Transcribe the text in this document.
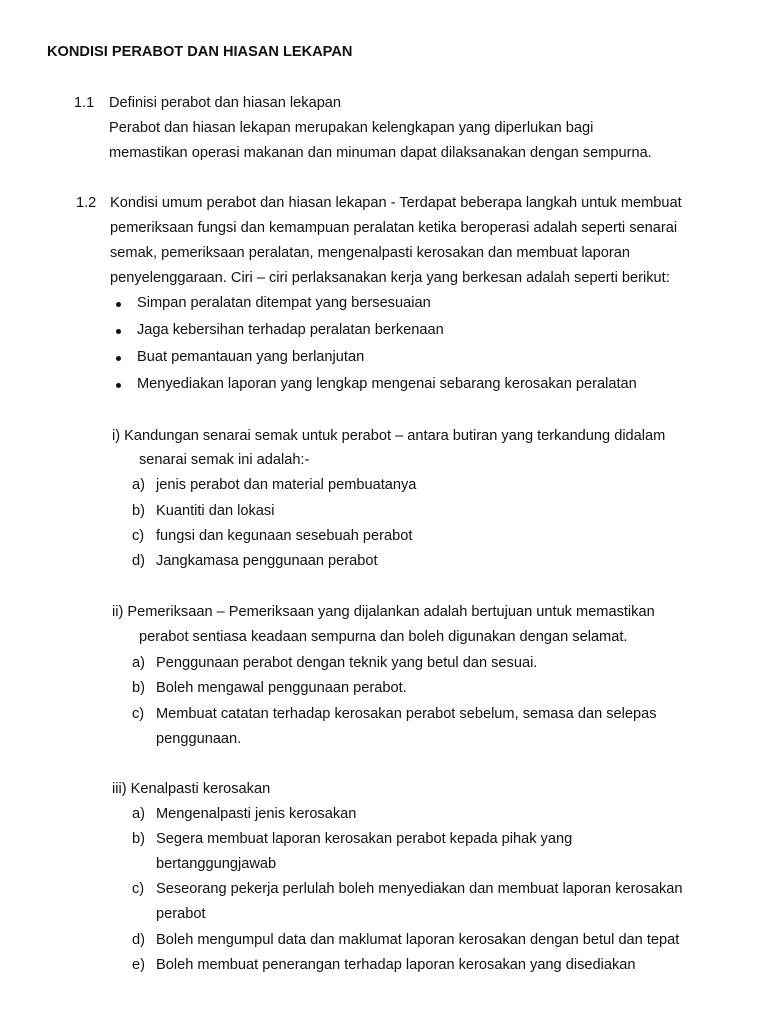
KONDISI PERABOT DAN HIASAN LEKAPAN
1.1 Definisi perabot dan hiasan lekapan
Perabot dan hiasan lekapan merupakan kelengkapan yang diperlukan bagi
memastikan operasi makanan dan minuman dapat dilaksanakan dengan sempurna.
1.2 Kondisi umum perabot dan hiasan lekapan - Terdapat beberapa langkah untuk membuat
pemeriksaan fungsi dan kemampuan peralatan ketika beroperasi adalah seperti senarai
semak, pemeriksaan peralatan, mengenalpasti kerosakan dan membuat laporan
penyelenggaraan. Ciri – ciri perlaksanakan kerja yang berkesan adalah seperti berikut:
Simpan peralatan ditempat yang bersesuaian
Jaga kebersihan terhadap peralatan berkenaan
Buat pemantauan yang berlanjutan
Menyediakan laporan yang lengkap mengenai sebarang kerosakan peralatan
i) Kandungan senarai semak untuk perabot – antara butiran yang terkandung didalam
senarai semak ini adalah:-
a) jenis perabot dan material pembuatanya
b) Kuantiti dan lokasi
c) fungsi dan kegunaan sesebuah perabot
d) Jangkamasa penggunaan perabot
ii) Pemeriksaan – Pemeriksaan yang dijalankan adalah bertujuan untuk memastikan
perabot sentiasa keadaan sempurna dan boleh digunakan dengan selamat.
a) Penggunaan perabot dengan teknik yang betul dan sesuai.
b) Boleh mengawal penggunaan perabot.
c) Membuat catatan terhadap kerosakan perabot sebelum, semasa dan selepas
penggunaan.
iii) Kenalpasti kerosakan
a) Mengenalpasti jenis kerosakan
b) Segera membuat laporan kerosakan perabot kepada pihak yang
bertanggungjawab
c) Seseorang pekerja perlulah boleh menyediakan dan membuat laporan kerosakan
perabot
d) Boleh mengumpul data dan maklumat laporan kerosakan dengan betul dan tepat
e) Boleh membuat penerangan terhadap laporan kerosakan yang disediakan
